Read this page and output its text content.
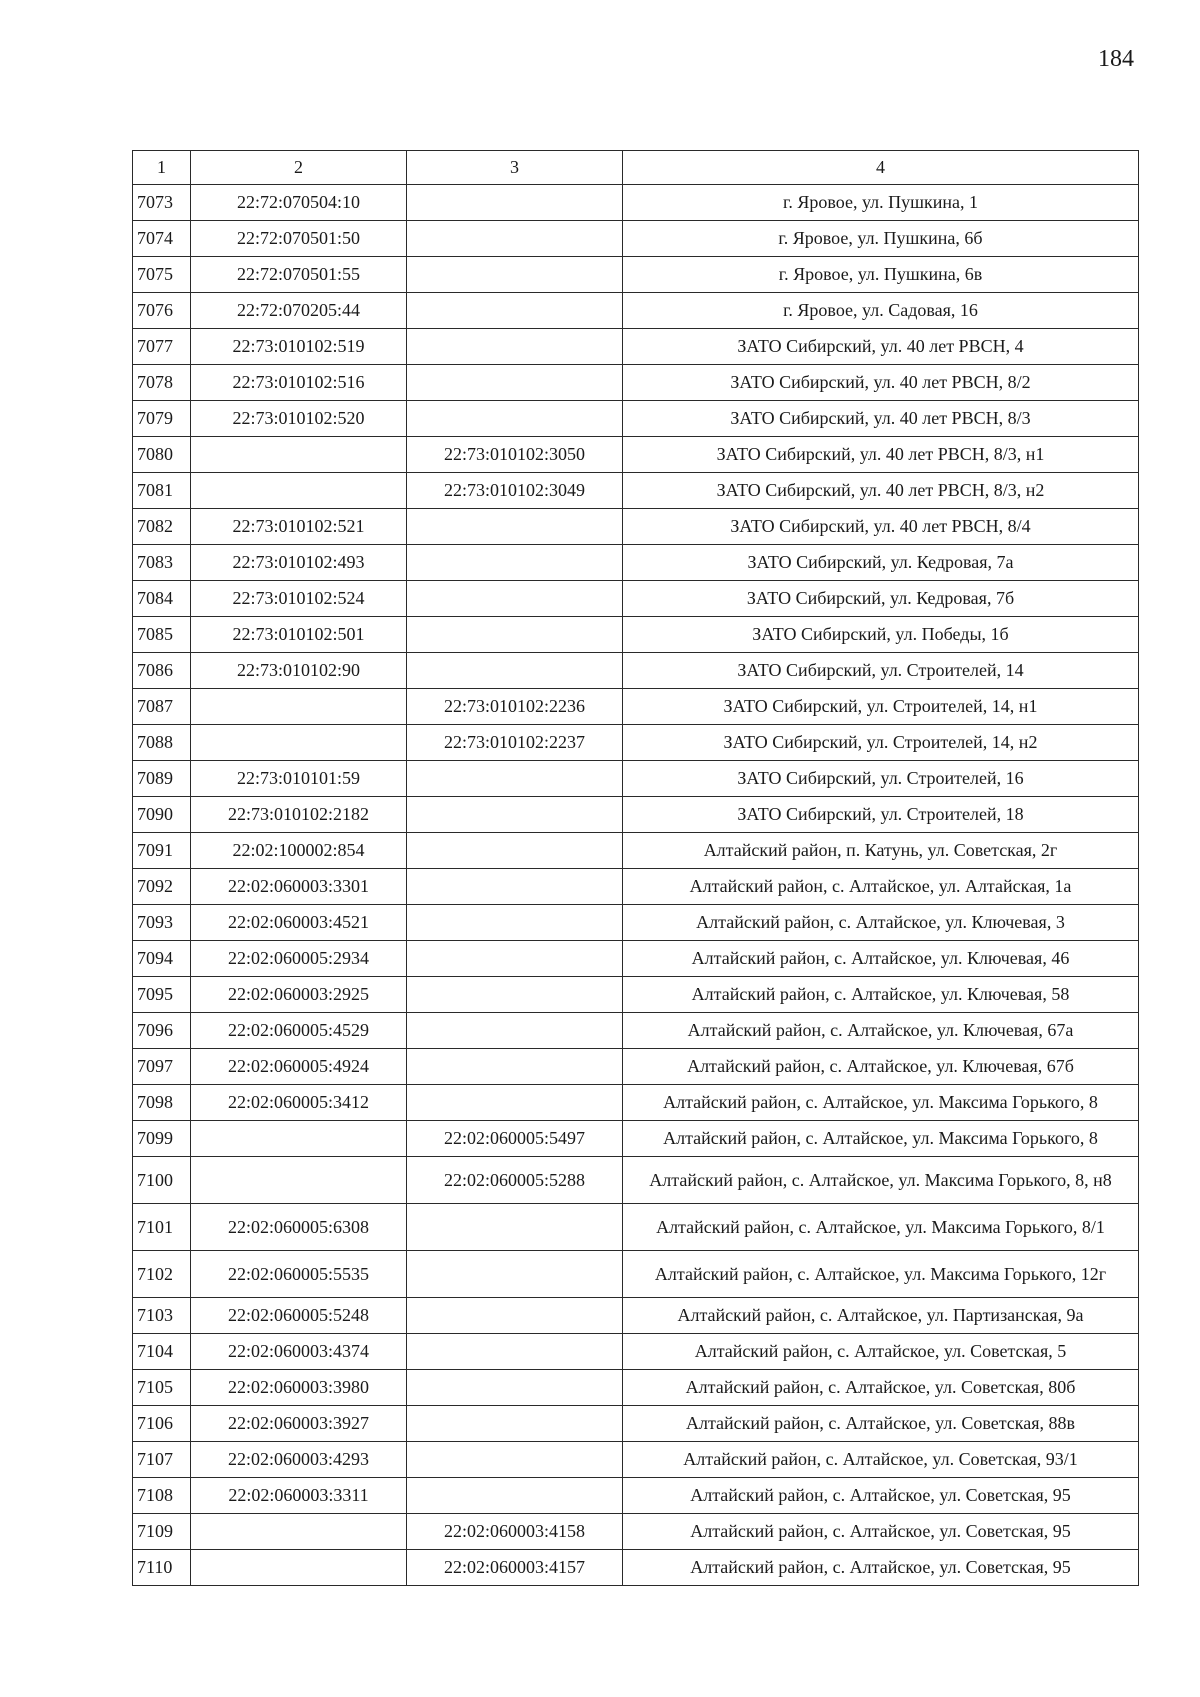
184
1	2	3	4
7073	22:72:070504:10		г. Яровое, ул. Пушкина, 1
7074	22:72:070501:50		г. Яровое, ул. Пушкина, 6б
7075	22:72:070501:55		г. Яровое, ул. Пушкина, 6в
7076	22:72:070205:44		г. Яровое, ул. Садовая, 16
7077	22:73:010102:519		ЗАТО Сибирский, ул. 40 лет РВСН, 4
7078	22:73:010102:516		ЗАТО Сибирский, ул. 40 лет РВСН, 8/2
7079	22:73:010102:520		ЗАТО Сибирский, ул. 40 лет РВСН, 8/3
7080		22:73:010102:3050	ЗАТО Сибирский, ул. 40 лет РВСН, 8/3, н1
7081		22:73:010102:3049	ЗАТО Сибирский, ул. 40 лет РВСН, 8/3, н2
7082	22:73:010102:521		ЗАТО Сибирский, ул. 40 лет РВСН, 8/4
7083	22:73:010102:493		ЗАТО Сибирский, ул. Кедровая, 7а
7084	22:73:010102:524		ЗАТО Сибирский, ул. Кедровая, 7б
7085	22:73:010102:501		ЗАТО Сибирский, ул. Победы, 1б
7086	22:73:010102:90		ЗАТО Сибирский, ул. Строителей, 14
7087		22:73:010102:2236	ЗАТО Сибирский, ул. Строителей, 14, н1
7088		22:73:010102:2237	ЗАТО Сибирский, ул. Строителей, 14, н2
7089	22:73:010101:59		ЗАТО Сибирский, ул. Строителей, 16
7090	22:73:010102:2182		ЗАТО Сибирский, ул. Строителей, 18
7091	22:02:100002:854		Алтайский район, п. Катунь, ул. Советская, 2г
7092	22:02:060003:3301		Алтайский район, с. Алтайское, ул. Алтайская, 1а
7093	22:02:060003:4521		Алтайский район, с. Алтайское, ул. Ключевая, 3
7094	22:02:060005:2934		Алтайский район, с. Алтайское, ул. Ключевая, 46
7095	22:02:060003:2925		Алтайский район, с. Алтайское, ул. Ключевая, 58
7096	22:02:060005:4529		Алтайский район, с. Алтайское, ул. Ключевая, 67а
7097	22:02:060005:4924		Алтайский район, с. Алтайское, ул. Ключевая, 67б
7098	22:02:060005:3412		Алтайский район, с. Алтайское, ул. Максима Горького, 8
7099		22:02:060005:5497	Алтайский район, с. Алтайское, ул. Максима Горького, 8
7100		22:02:060005:5288	Алтайский район, с. Алтайское, ул. Максима Горького, 8, н8
7101	22:02:060005:6308		Алтайский район, с. Алтайское, ул. Максима Горького, 8/1
7102	22:02:060005:5535		Алтайский район, с. Алтайское, ул. Максима Горького, 12г
7103	22:02:060005:5248		Алтайский район, с. Алтайское, ул. Партизанская, 9а
7104	22:02:060003:4374		Алтайский район, с. Алтайское, ул. Советская, 5
7105	22:02:060003:3980		Алтайский район, с. Алтайское, ул. Советская, 80б
7106	22:02:060003:3927		Алтайский район, с. Алтайское, ул. Советская, 88в
7107	22:02:060003:4293		Алтайский район, с. Алтайское, ул. Советская, 93/1
7108	22:02:060003:3311		Алтайский район, с. Алтайское, ул. Советская, 95
7109		22:02:060003:4158	Алтайский район, с. Алтайское, ул. Советская, 95
7110		22:02:060003:4157	Алтайский район, с. Алтайское, ул. Советская, 95
